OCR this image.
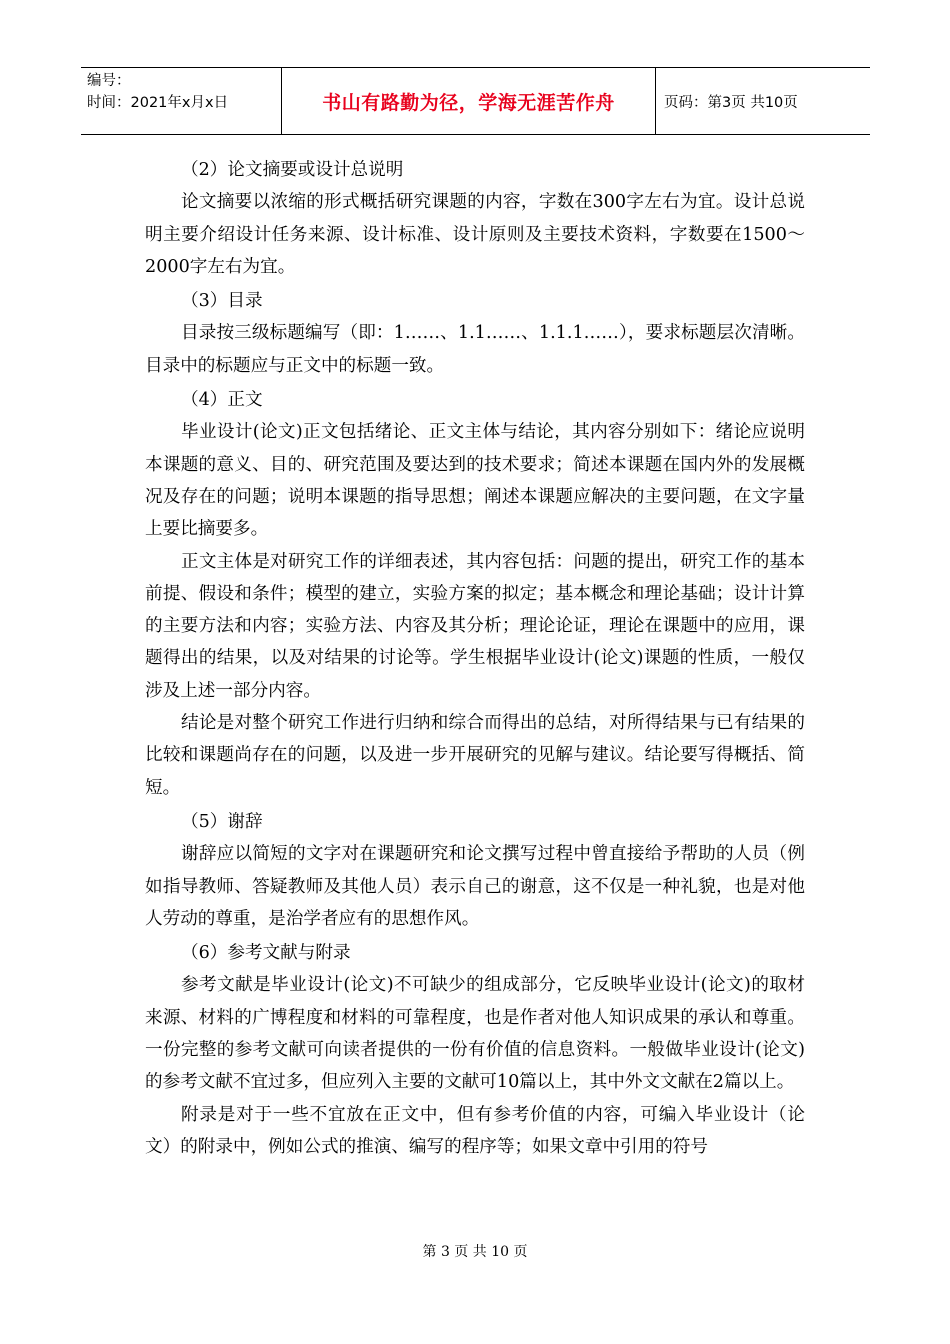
编号：
时间：2021年x月x日	书山有路勤为径，学海无涯苦作舟	页码：第3页 共10页

（2）论文摘要或设计总说明

论文摘要以浓缩的形式概括研究课题的内容，字数在300字左右为宜。设计总说明主要介绍设计任务来源、设计标准、设计原则及主要技术资料，字数要在1500～2000字左右为宜。

（3）目录

目录按三级标题编写（即：1……、1.1……、1.1.1……），要求标题层次清晰。目录中的标题应与正文中的标题一致。

（4）正文

毕业设计(论文)正文包括绪论、正文主体与结论，其内容分别如下：绪论应说明本课题的意义、目的、研究范围及要达到的技术要求；简述本课题在国内外的发展概况及存在的问题；说明本课题的指导思想；阐述本课题应解决的主要问题，在文字量上要比摘要多。

正文主体是对研究工作的详细表述，其内容包括：问题的提出，研究工作的基本前提、假设和条件；模型的建立，实验方案的拟定；基本概念和理论基础；设计计算的主要方法和内容；实验方法、内容及其分析；理论论证，理论在课题中的应用，课题得出的结果，以及对结果的讨论等。学生根据毕业设计(论文)课题的性质，一般仅涉及上述一部分内容。

结论是对整个研究工作进行归纳和综合而得出的总结，对所得结果与已有结果的比较和课题尚存在的问题，以及进一步开展研究的见解与建议。结论要写得概括、简短。

（5）谢辞

谢辞应以简短的文字对在课题研究和论文撰写过程中曾直接给予帮助的人员（例如指导教师、答疑教师及其他人员）表示自己的谢意，这不仅是一种礼貌，也是对他人劳动的尊重，是治学者应有的思想作风。

（6）参考文献与附录

参考文献是毕业设计(论文)不可缺少的组成部分，它反映毕业设计(论文)的取材来源、材料的广博程度和材料的可靠程度，也是作者对他人知识成果的承认和尊重。一份完整的参考文献可向读者提供的一份有价值的信息资料。一般做毕业设计(论文)的参考文献不宜过多，但应列入主要的文献可10篇以上，其中外文文献在2篇以上。

附录是对于一些不宜放在正文中，但有参考价值的内容，可编入毕业设计（论文）的附录中，例如公式的推演、编写的程序等；如果文章中引用的符号

第 3 页 共 10 页
